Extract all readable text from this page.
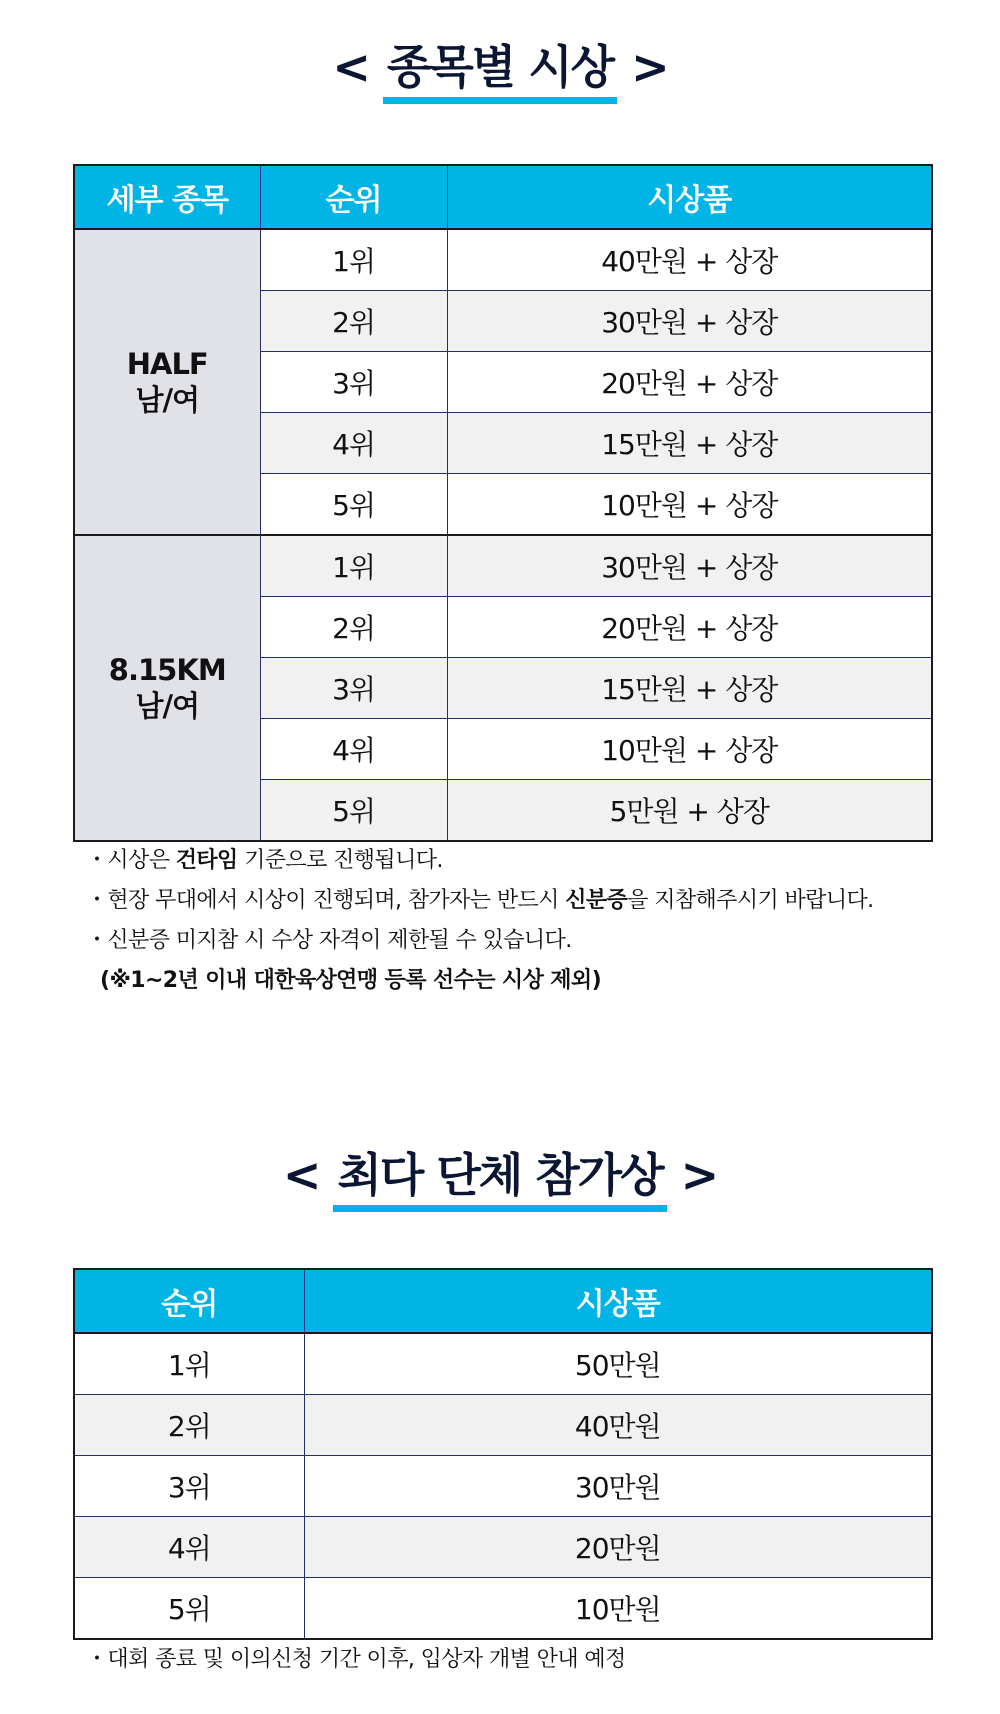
< 종목별 시상 >
세부 종목	순위	시상품

HALF
남/여	1위	40만원 + 상장
	2위	30만원 + 상장
	3위	20만원 + 상장
	4위	15만원 + 상장
	5위	10만원 + 상장

8.15KM
남/여	1위	30만원 + 상장
	2위	20만원 + 상장
	3위	15만원 + 상장
	4위	10만원 + 상장
	5위	5만원 + 상장
・시상은 건타임 기준으로 진행됩니다.
・현장 무대에서 시상이 진행되며, 참가자는 반드시 신분증을 지참해주시기 바랍니다.
・신분증 미지참 시 수상 자격이 제한될 수 있습니다.
(※1~2년 이내 대한육상연맹 등록 선수는 시상 제외)
< 최다 단체 참가상 >
순위	시상품
1위	50만원
2위	40만원
3위	30만원
4위	20만원
5위	10만원
・대회 종료 및 이의신청 기간 이후, 입상자 개별 안내 예정
